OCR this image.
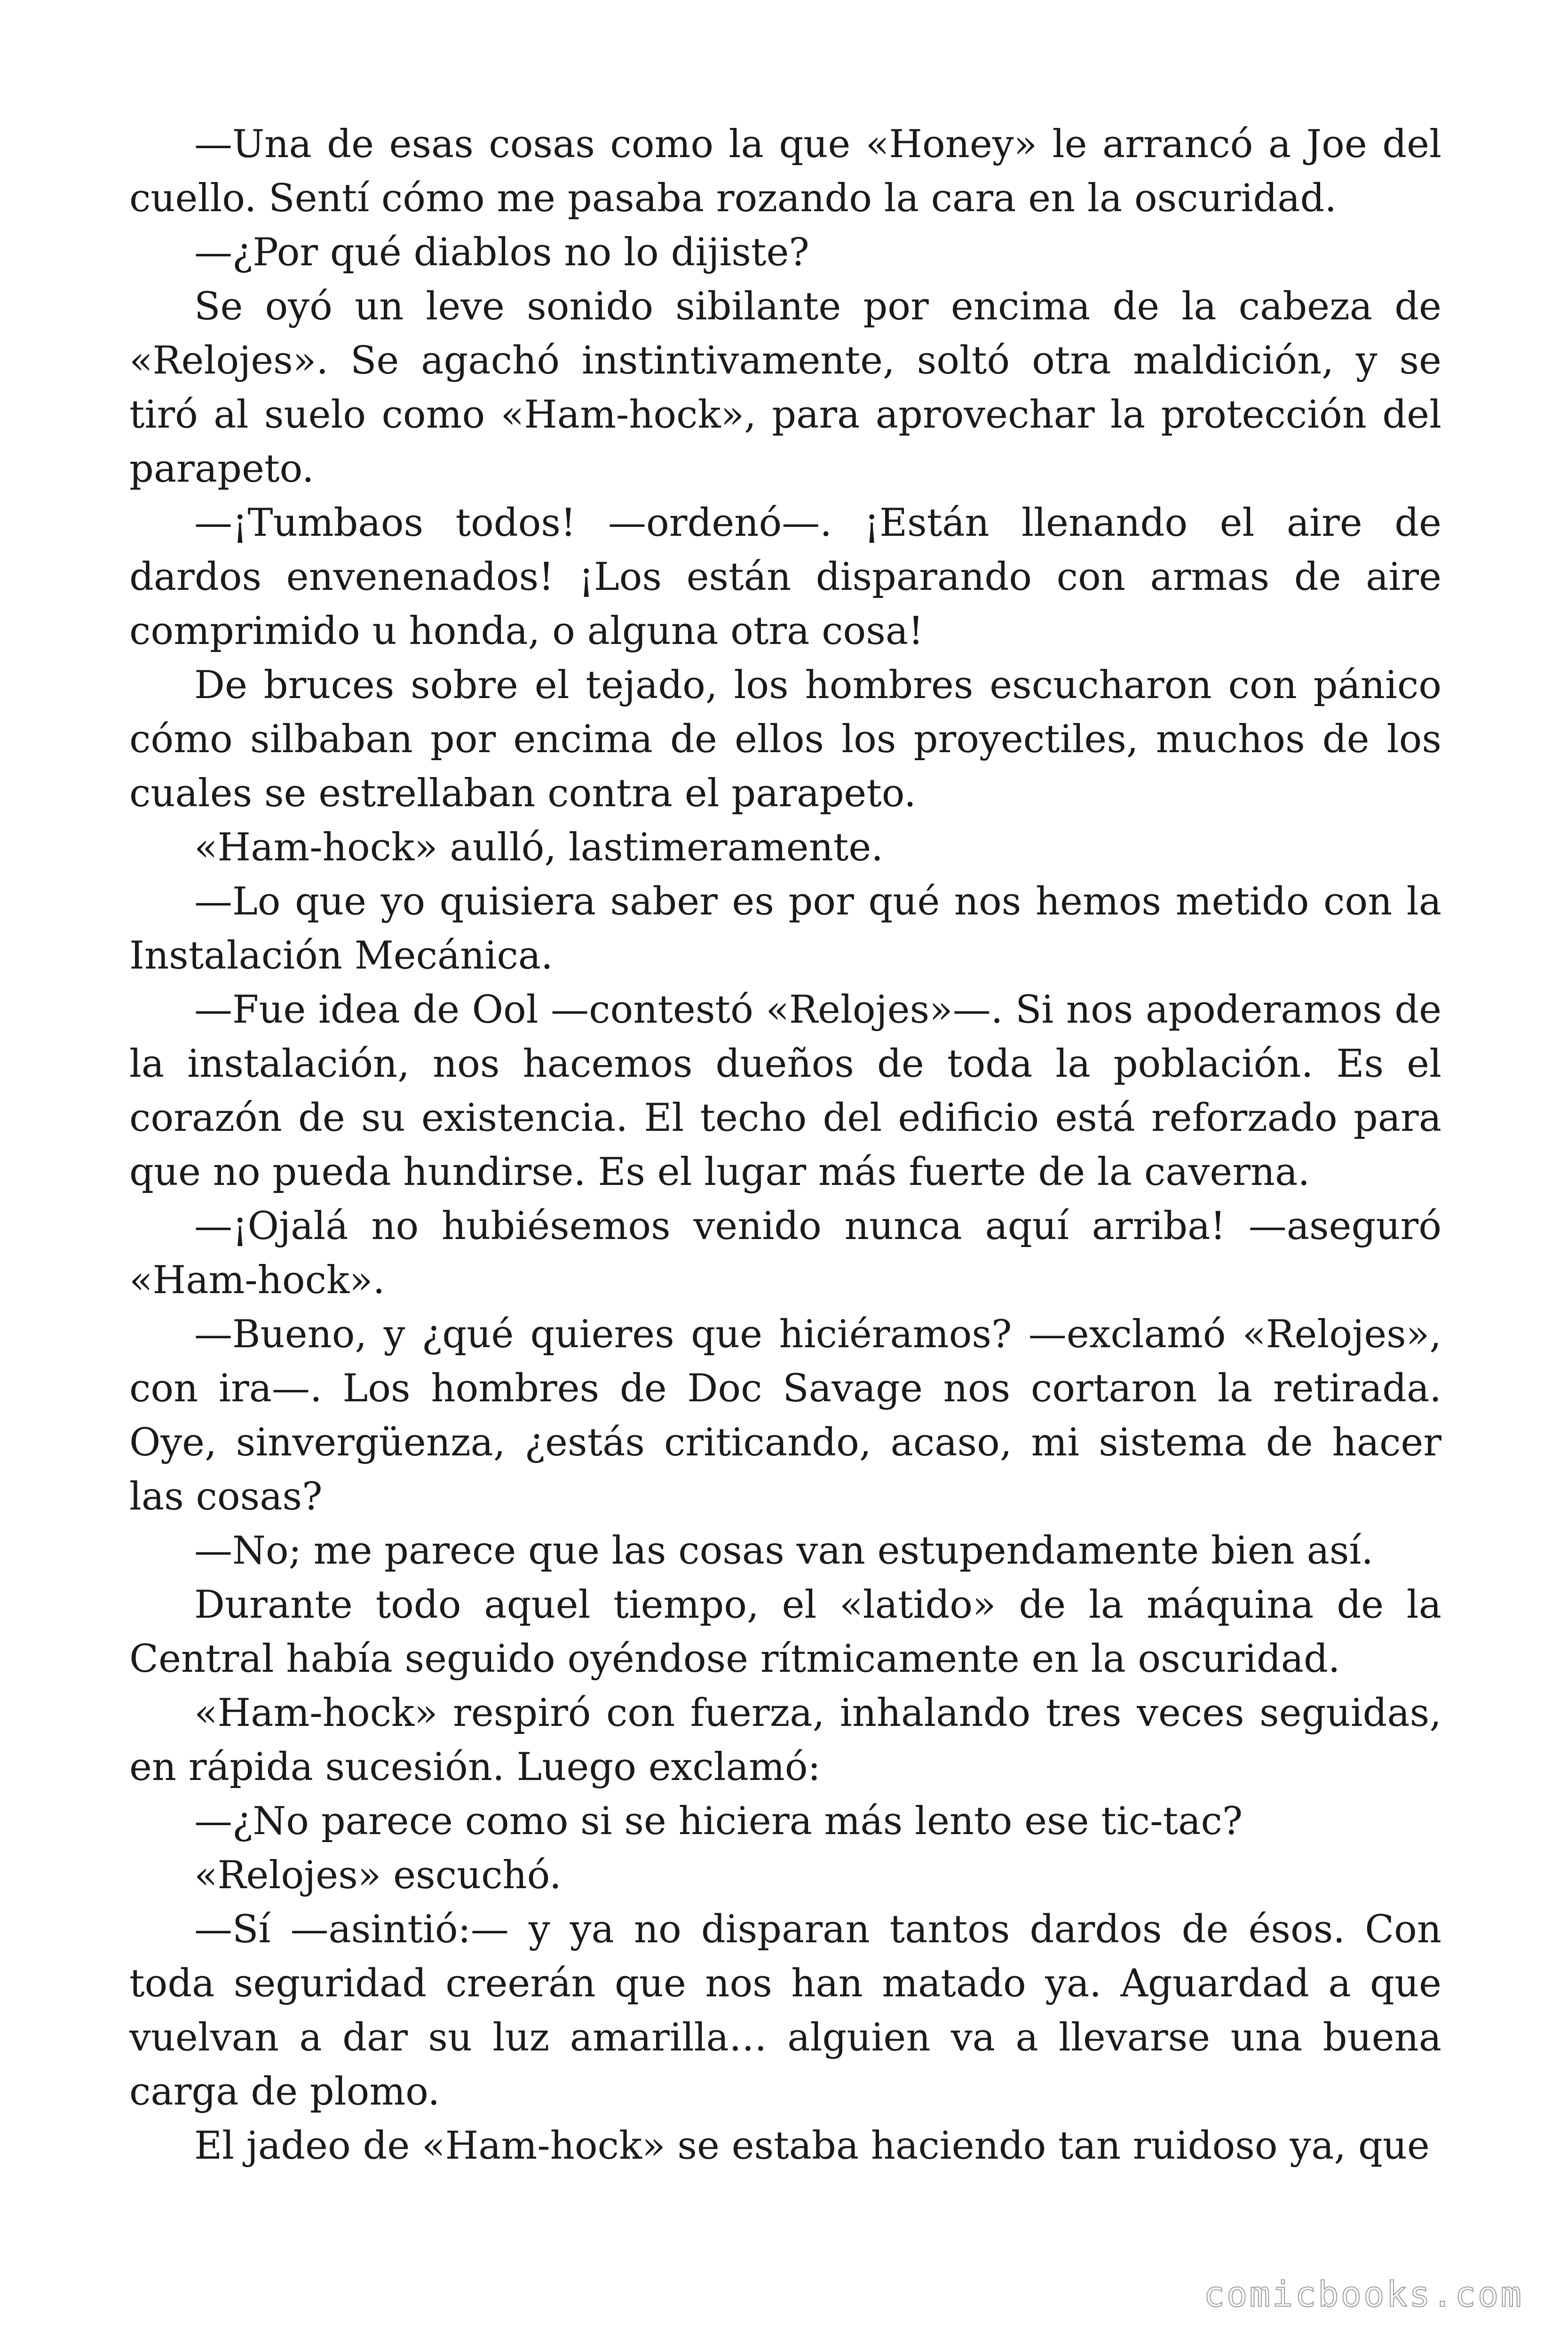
—Una de esas cosas como la que «Honey» le arrancó a Joe del cuello. Sentí cómo me pasaba rozando la cara en la oscuridad.

—¿Por qué diablos no lo dijiste?

Se oyó un leve sonido sibilante por encima de la cabeza de «Relojes». Se agachó instintivamente, soltó otra maldición, y se tiró al suelo como «Ham-hock», para aprovechar la protección del parapeto.

—¡Tumbaos todos! —ordenó—. ¡Están llenando el aire de dardos envenenados! ¡Los están disparando con armas de aire comprimido u honda, o alguna otra cosa!

De bruces sobre el tejado, los hombres escucharon con pánico cómo silbaban por encima de ellos los proyectiles, muchos de los cuales se estrellaban contra el parapeto.

«Ham-hock» aulló, lastimeramente.

—Lo que yo quisiera saber es por qué nos hemos metido con la Instalación Mecánica.

—Fue idea de Ool —contestó «Relojes»—. Si nos apoderamos de la instalación, nos hacemos dueños de toda la población. Es el corazón de su existencia. El techo del edificio está reforzado para que no pueda hundirse. Es el lugar más fuerte de la caverna.

—¡Ojalá no hubiésemos venido nunca aquí arriba! —aseguró «Ham-hock».

—Bueno, y ¿qué quieres que hiciéramos? —exclamó «Relojes», con ira—. Los hombres de Doc Savage nos cortaron la retirada. Oye, sinvergüenza, ¿estás criticando, acaso, mi sistema de hacer las cosas?

—No; me parece que las cosas van estupendamente bien así.

Durante todo aquel tiempo, el «latido» de la máquina de la Central había seguido oyéndose rítmicamente en la oscuridad.

«Ham-hock» respiró con fuerza, inhalando tres veces seguidas, en rápida sucesión. Luego exclamó:

—¿No parece como si se hiciera más lento ese tic-tac?

«Relojes» escuchó.

—Sí —asintió:— y ya no disparan tantos dardos de ésos. Con toda seguridad creerán que nos han matado ya. Aguardad a que vuelvan a dar su luz amarilla… alguien va a llevarse una buena carga de plomo.

El jadeo de «Ham-hock» se estaba haciendo tan ruidoso ya, que

comicbooks.com
